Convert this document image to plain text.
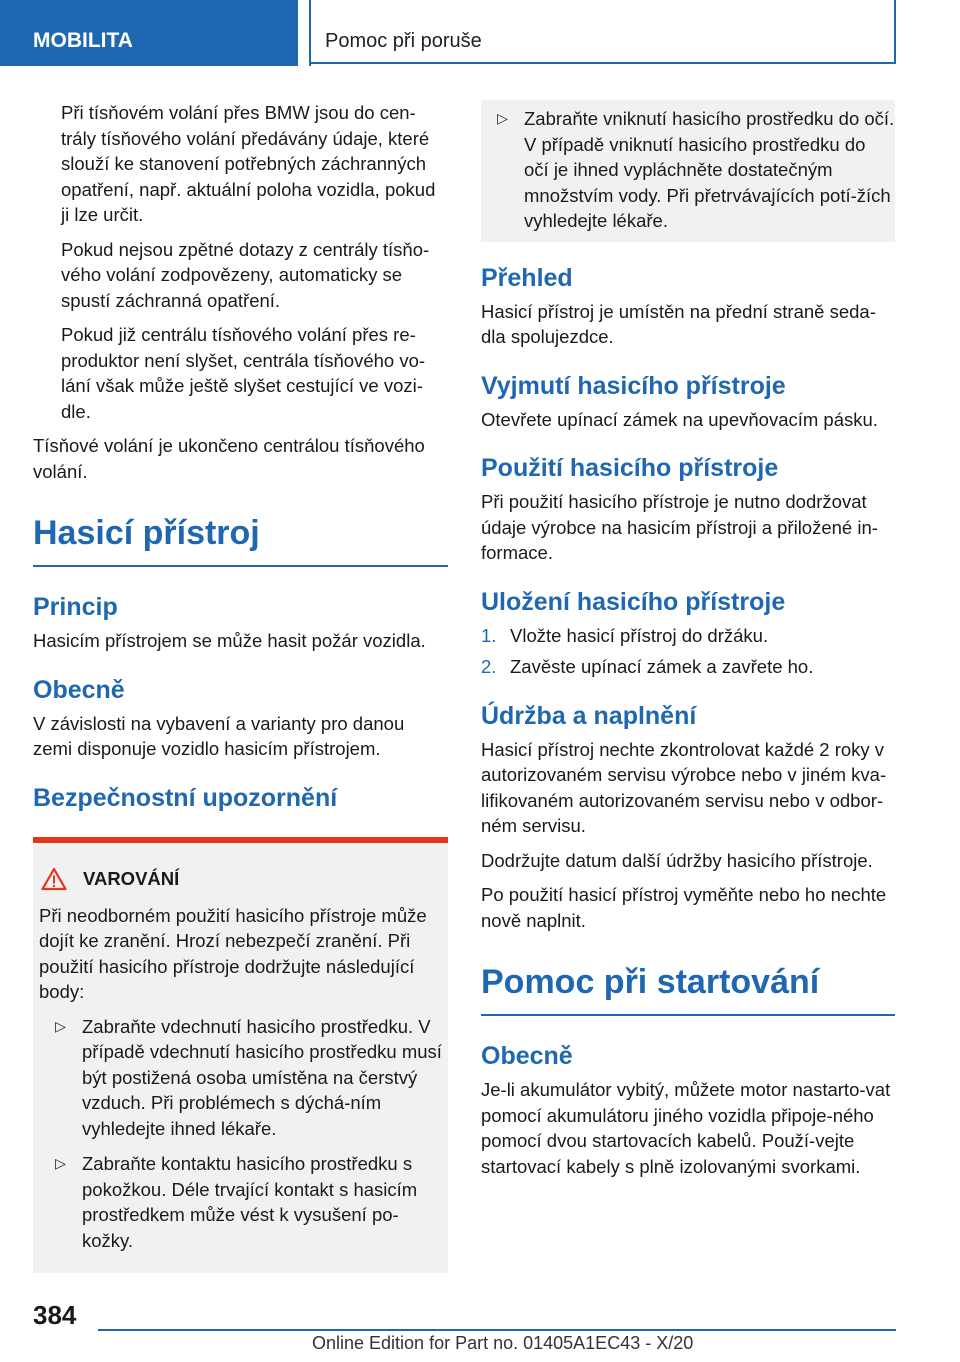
MOBILITA	Pomoc při poruše

Při tísňovém volání přes BMW jsou do cen-trály tísňového volání předávány údaje, které slouží ke stanovení potřebných záchranných opatření, např. aktuální poloha vozidla, pokud ji lze určit.

Pokud nejsou zpětné dotazy z centrály tísňo-vého volání zodpovězeny, automaticky se spustí záchranná opatření.

Pokud již centrálu tísňového volání přes re-produktor není slyšet, centrála tísňového vo-lání však může ještě slyšet cestující ve vozi-dle.

Tísňové volání je ukončeno centrálou tísňového volání.

Hasicí přístroj
Princip

Hasicím přístrojem se může hasit požár vozidla.

Obecně

V závislosti na vybavení a varianty pro danou zemi disponuje vozidlo hasicím přístrojem.

Bezpečnostní upozornění
VAROVÁNÍ

Při neodborném použití hasicího přístroje může dojít ke zranění. Hrozí nebezpečí zranění. Při použití hasicího přístroje dodržujte následující body:

▷ Zabraňte vdechnutí hasicího prostředku. V případě vdechnutí hasicího prostředku musí být postižená osoba umístěna na čerstvý vzduch. Při problémech s dýchá-ním vyhledejte ihned lékaře.
▷ Zabraňte kontaktu hasicího prostředku s pokožkou. Déle trvající kontakt s hasicím prostředkem může vést k vysušení po-kožky.
▷ Zabraňte vniknutí hasicího prostředku do očí. V případě vniknutí hasicího prostředku do očí je ihned vypláchněte dostatečným množstvím vody. Při přetrvávajících potí-žích vyhledejte lékaře.
Přehled

Hasicí přístroj je umístěn na přední straně seda-dla spolujezdce.

Vyjmutí hasicího přístroje

Otevřete upínací zámek na upevňovacím pásku.

Použití hasicího přístroje

Při použití hasicího přístroje je nutno dodržovat údaje výrobce na hasicím přístroji a přiložené in-formace.

Uložení hasicího přístroje
1. Vložte hasicí přístroj do držáku.
2. Zavěste upínací zámek a zavřete ho.
Údržba a naplnění

Hasicí přístroj nechte zkontrolovat každé 2 roky v autorizovaném servisu výrobce nebo v jiném kva-lifikovaném autorizovaném servisu nebo v odbor-ném servisu.

Dodržujte datum další údržby hasicího přístroje.

Po použití hasicí přístroj vyměňte nebo ho nechte nově naplnit.

Pomoc při startování
Obecně

Je-li akumulátor vybitý, můžete motor nastarto-vat pomocí akumulátoru jiného vozidla připoje-ného pomocí dvou startovacích kabelů. Použí-vejte startovací kabely s plně izolovanými svorkami.

384
Online Edition for Part no. 01405A1EC43 - X/20
